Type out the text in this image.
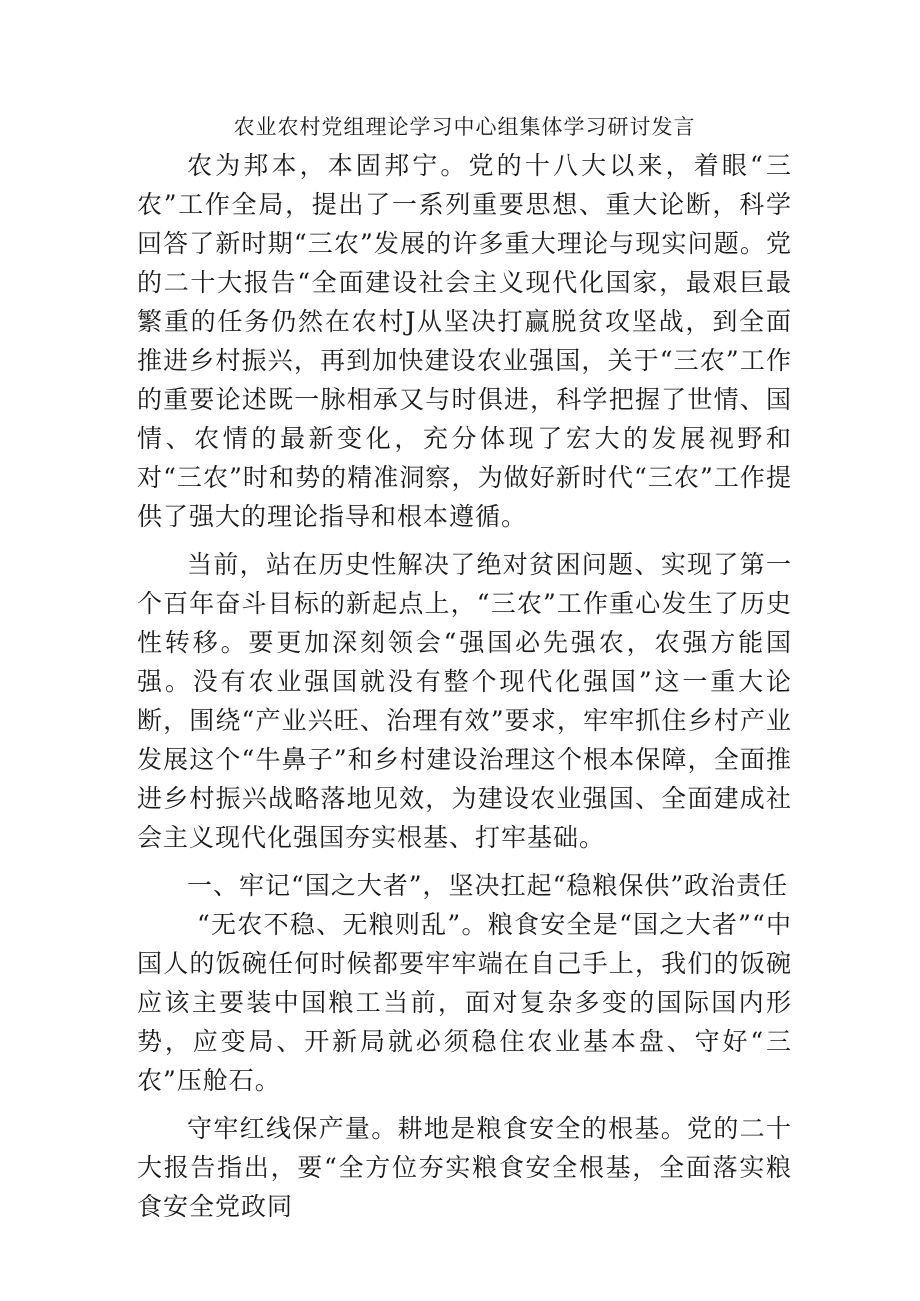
农业农村党组理论学习中心组集体学习研讨发言

农为邦本，本固邦宁。党的十八大以来，着眼“三农”工作全局，提出了一系列重要思想、重大论断，科学回答了新时期“三农”发展的许多重大理论与现实问题。党的二十大报告“全面建设社会主义现代化国家，最艰巨最繁重的任务仍然在农村J从坚决打赢脱贫攻坚战，到全面推进乡村振兴，再到加快建设农业强国，关于“三农”工作的重要论述既一脉相承又与时俱进，科学把握了世情、国情、农情的最新变化，充分体现了宏大的发展视野和对“三农”时和势的精准洞察，为做好新时代“三农”工作提供了强大的理论指导和根本遵循。

当前，站在历史性解决了绝对贫困问题、实现了第一个百年奋斗目标的新起点上，“三农”工作重心发生了历史性转移。要更加深刻领会“强国必先强农，农强方能国强。没有农业强国就没有整个现代化强国”这一重大论断，围绕“产业兴旺、治理有效”要求，牢牢抓住乡村产业发展这个“牛鼻子”和乡村建设治理这个根本保障，全面推进乡村振兴战略落地见效，为建设农业强国、全面建成社会主义现代化强国夯实根基、打牢基础。

一、牢记“国之大者”，坚决扛起“稳粮保供”政治责任

“无农不稳、无粮则乱”。粮食安全是“国之大者”“中国人的饭碗任何时候都要牢牢端在自己手上，我们的饭碗应该主要装中国粮工当前，面对复杂多变的国际国内形势，应变局、开新局就必须稳住农业基本盘、守好“三农”压舱石。

守牢红线保产量。耕地是粮食安全的根基。党的二十大报告指出，要“全方位夯实粮食安全根基，全面落实粮食安全党政同
